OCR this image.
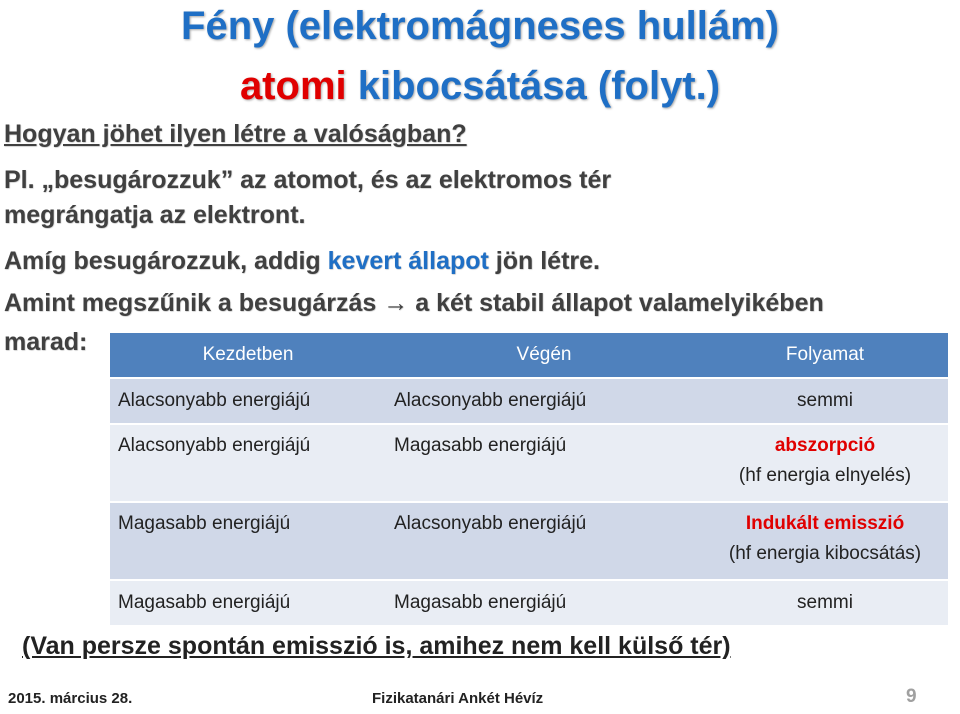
Fény (elektromágneses hullám)
atomi kibocsátása (folyt.)
Hogyan jöhet ilyen létre a valóságban?
Pl. „besugározzuk” az atomot, és az elektromos tér
megrángatja az elektront.
Amíg besugározzuk, addig kevert állapot jön létre.
Amint megszűnik a besugárzás → a két stabil állapot valamelyikében
marad:	Kezdetben	Végén	Folyamat
Alacsonyabb energiájú	Alacsonyabb energiájú	semmi
Alacsonyabb energiájú	Magasabb energiájú	abszorpció
(hf energia elnyelés)

Magasabb energiájú	Alacsonyabb energiájú	Indukált emisszió
(hf energia kibocsátás)

Magasabb energiájú	Magasabb energiájú	semmi
(Van persze spontán emisszió is, amihez nem kell külső tér)
2015. március 28.	Fizikatanári Ankét Hévíz	9
